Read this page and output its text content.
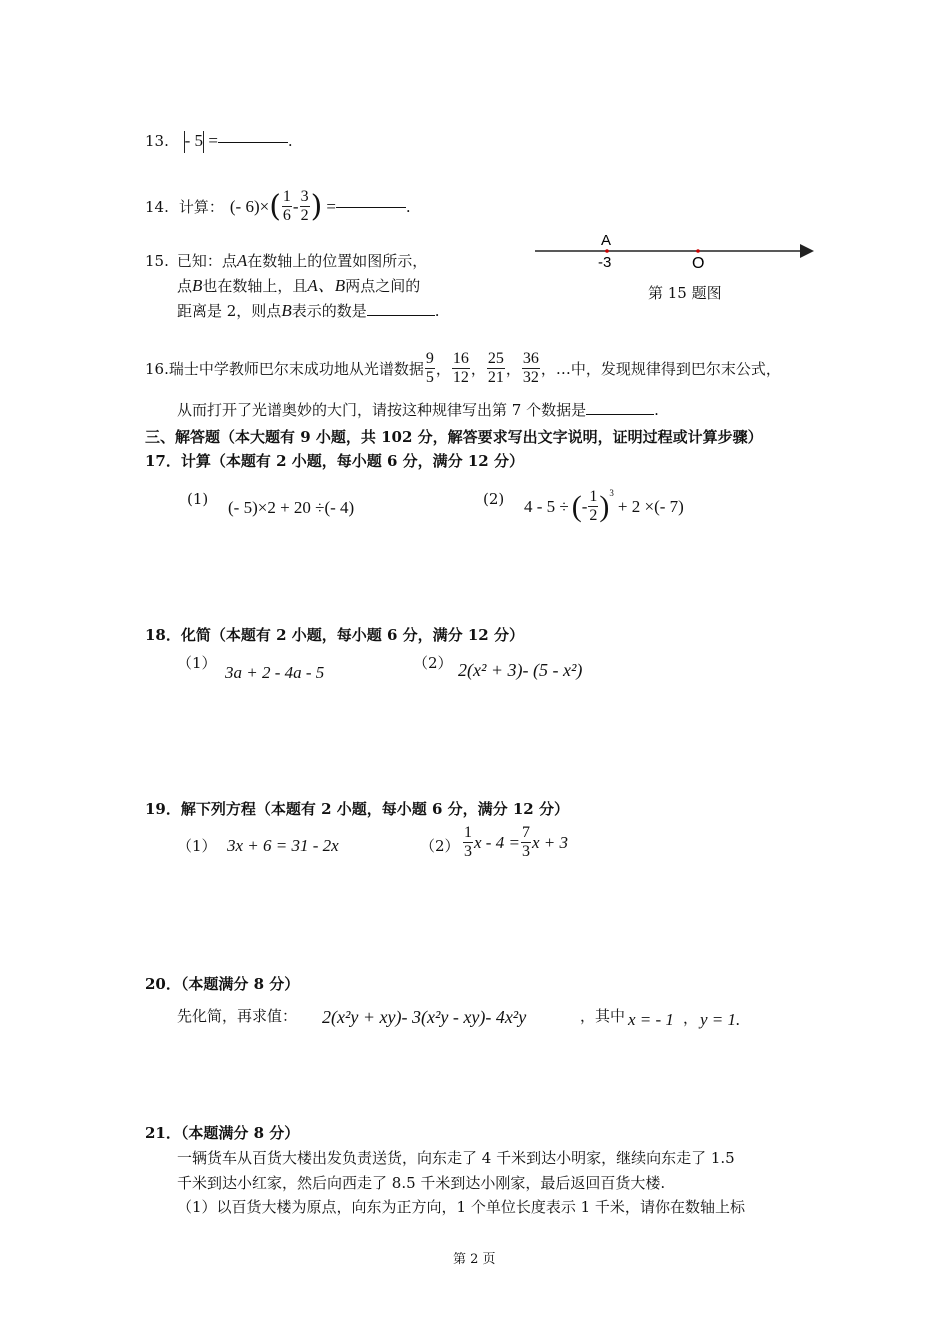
13. - 5 =	.
14. 计算： (- 6)× ( $\frac{1}{6} - \frac{3}{2}$ ) =	.
15. 已知：点A在数轴上的位置如图所示，
点B也在数轴上，且A、B两点之间的
距离是 2，则点B表示的数是	.
A
-3	O
第 15 题图
16. 瑞士中学教师巴尔末成功地从光谱数据 $\frac{9}{5}$ ， $\frac{16}{12}$ ， $\frac{25}{21}$ ， $\frac{36}{32}$ ，…中，发现规律得到巴尔末公式，
从而打开了光谱奥妙的大门，请按这种规律写出第 7 个数据是	.
三、解答题（本大题有 9 小题，共 102 分，解答要求写出文字说明，证明过程或计算步骤）
17．计算（本题有 2 小题，每小题 6 分，满分 12 分）
(1) (- 5)×2 + 20 ÷(- 4)	(2) 4 - 5 ÷ ( - $\frac{1}{2} )^3$
+ 2 ×(- 7)
18．化简（本题有 2 小题，每小题 6 分，满分 12 分）
（1） 3a + 2 - 4a - 5	（2） 2(x² + 3)- (5 - x²)
19．解下列方程（本题有 2 小题，每小题 6 分，满分 12 分）
（1） 3x + 6 = 31 - 2x	$(2) \frac{1}{3}$ $x - 4 = \frac{7}{3}$ x + 3
20．（本题满分 8 分）
先化简，再求值： 2(x²y + xy)- 3(x²y - xy)- 4x²y	，其中 x = - 1 ， y = 1.
21．（本题满分 8 分）
一辆货车从百货大楼出发负责送货，向东走了 4 千米到达小明家，继续向东走了 1.5
千米到达小红家，然后向西走了 8.5 千米到达小刚家，最后返回百货大楼.
（1）以百货大楼为原点，向东为正方向，1 个单位长度表示 1 千米，请你在数轴上标
第 2 页
